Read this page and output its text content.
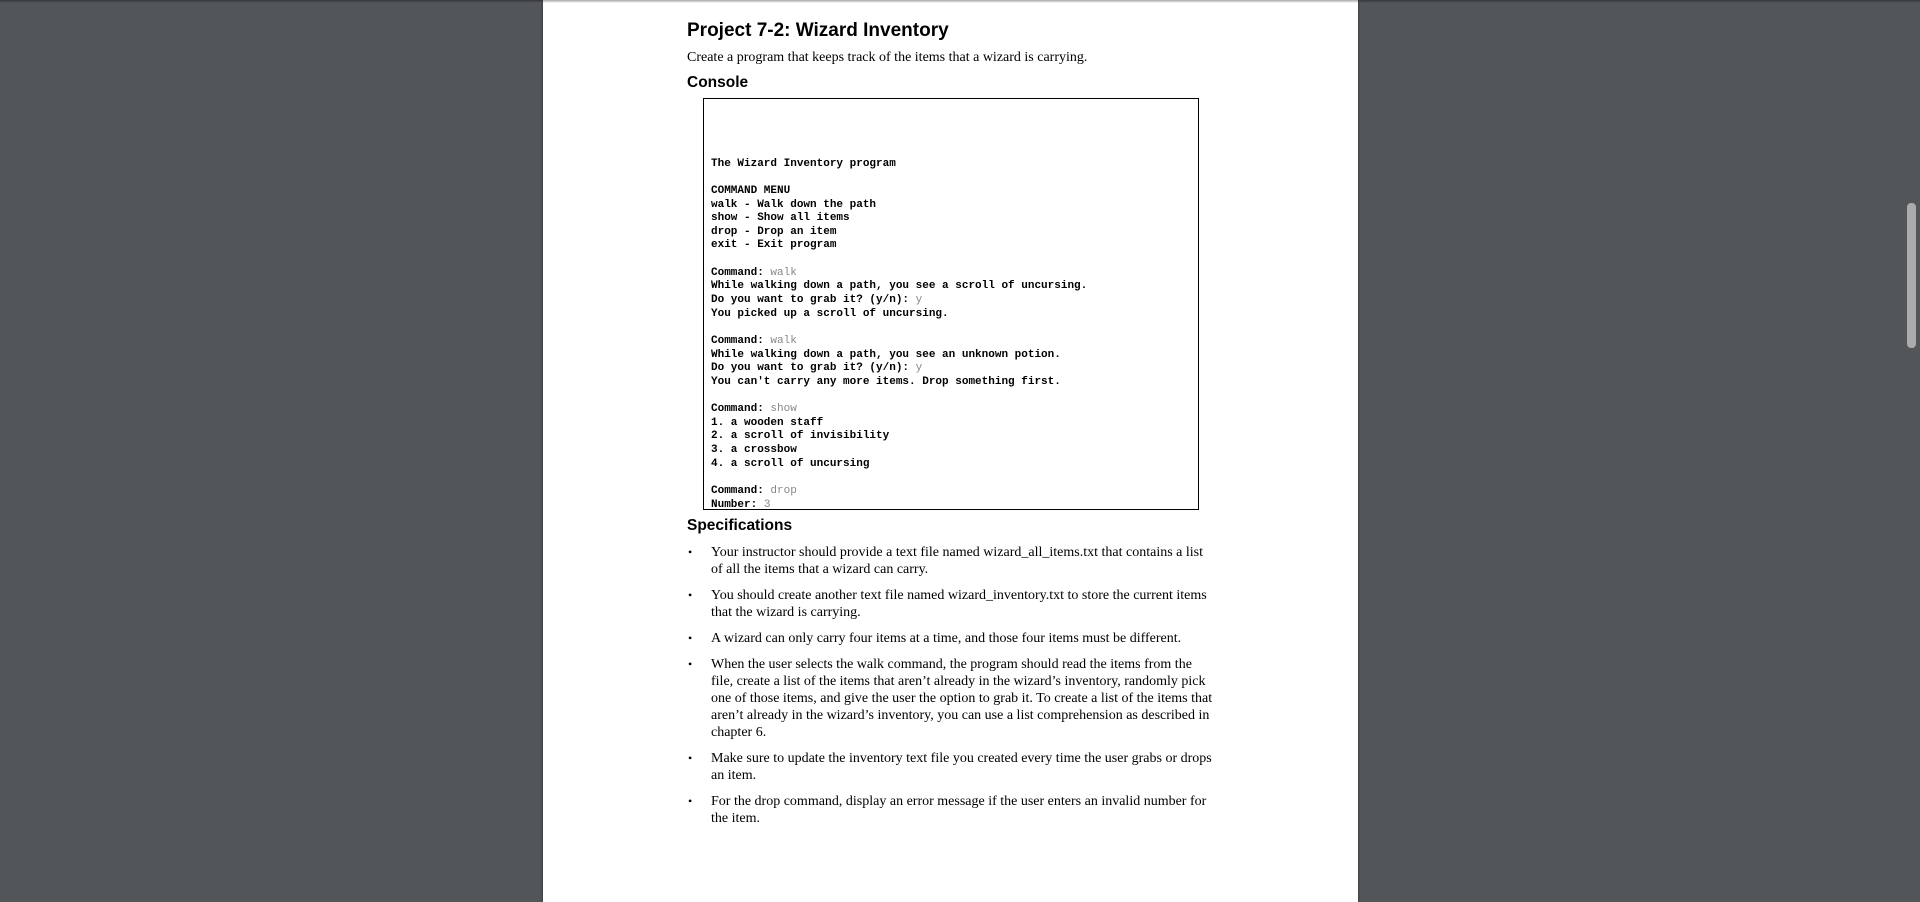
Project 7-2: Wizard Inventory

Create a program that keeps track of the items that a wizard is carrying.

Console

The Wizard Inventory program
COMMAND MENU
walk - Walk down the path
show - Show all items
drop - Drop an item
exit - Exit program
Command: walk
While walking down a path, you see a scroll of uncursing.
Do you want to grab it? (y/n): y
You picked up a scroll of uncursing.
Command: walk
While walking down a path, you see an unknown potion.
Do you want to grab it? (y/n): y
You can't carry any more items. Drop something first.
Command: show
1. a wooden staff
2. a scroll of invisibility
3. a crossbow
4. a scroll of uncursing
Command: drop
Number: 3
Specifications
• Your instructor should provide a text file named wizard_all_items.txt that contains a list of all the items that a wizard can carry.
• You should create another text file named wizard_inventory.txt to store the current items that the wizard is carrying.
• A wizard can only carry four items at a time, and those four items must be different.
• When the user selects the walk command, the program should read the items from the file, create a list of the items that aren’t already in the wizard’s inventory, randomly pick one of those items, and give the user the option to grab it. To create a list of the items that aren’t already in the wizard’s inventory, you can use a list comprehension as described in chapter 6.
• Make sure to update the inventory text file you created every time the user grabs or drops an item.
• For the drop command, display an error message if the user enters an invalid number for the item.
